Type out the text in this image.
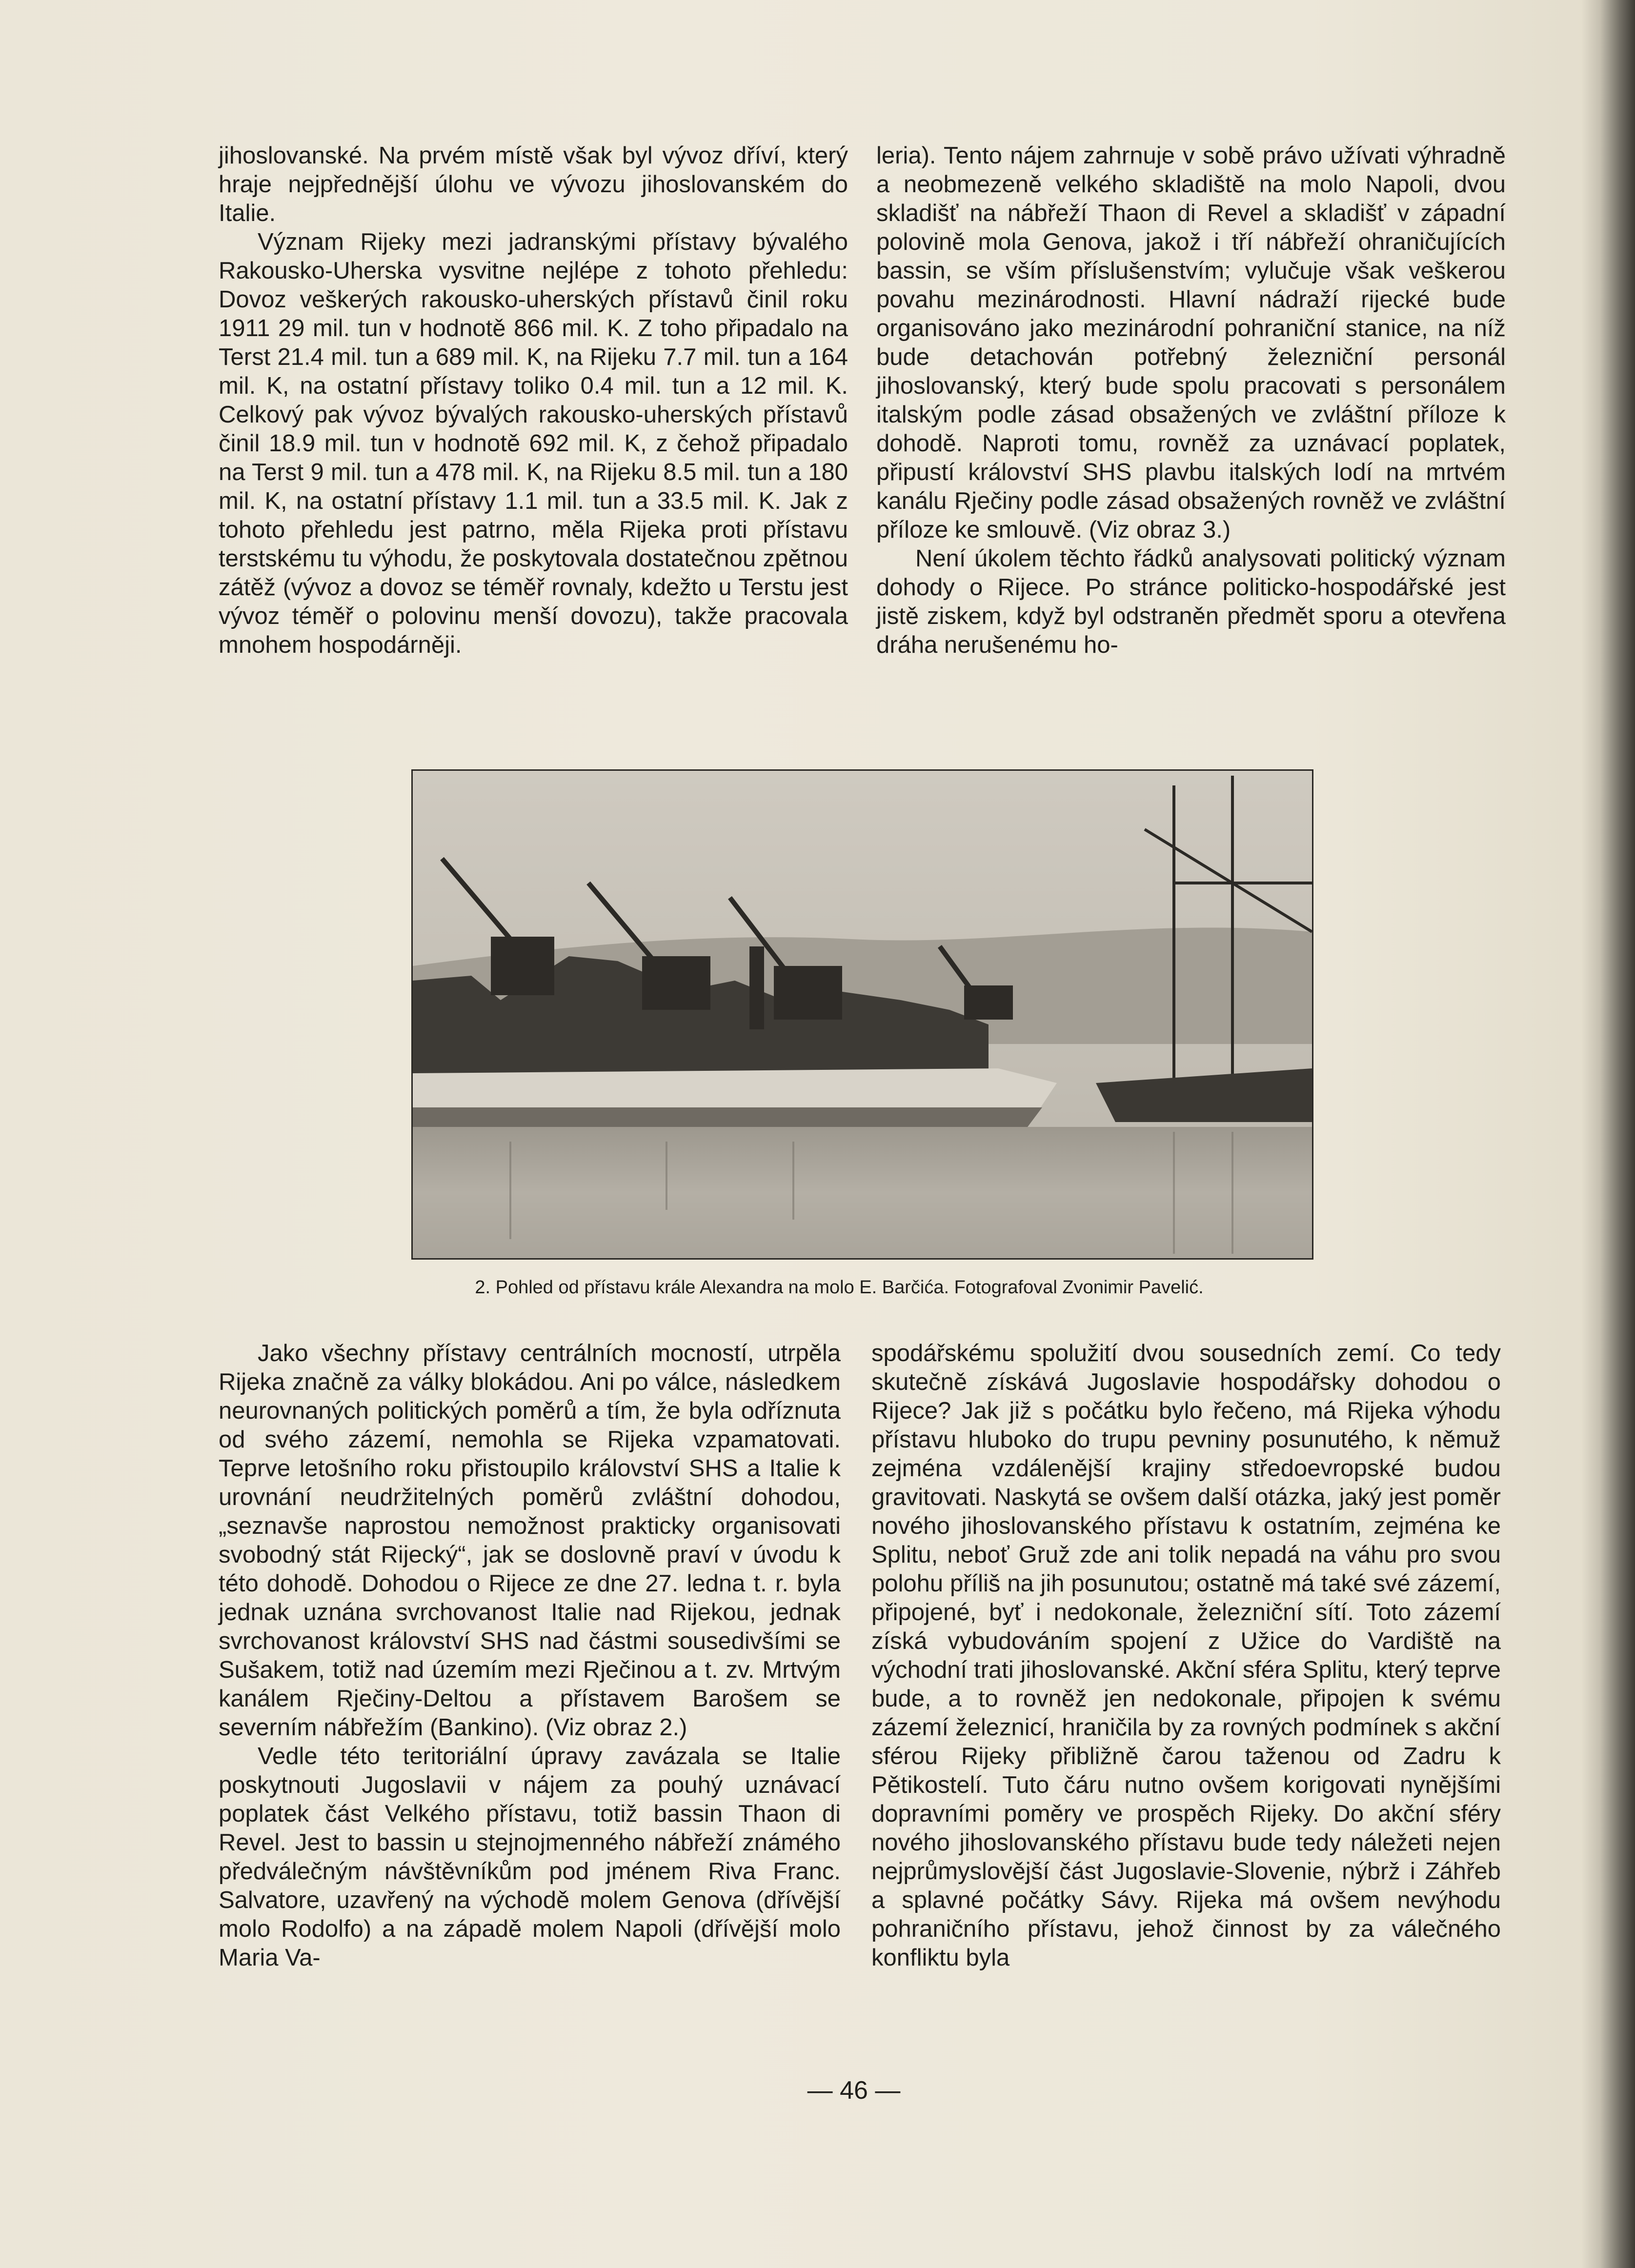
jihoslovanské. Na prvém místě však byl vývoz dříví, který hraje nejpřednější úlohu ve vývozu jihoslovanském do Italie.

Význam Rijeky mezi jadranskými přístavy bývalého Rakousko-Uherska vysvitne nejlépe z tohoto přehledu: Dovoz veškerých rakousko-uherských přístavů činil roku 1911 29 mil. tun v hodnotě 866 mil. K. Z toho připadalo na Terst 21.4 mil. tun a 689 mil. K, na Rijeku 7.7 mil. tun a 164 mil. K, na ostatní přístavy toliko 0.4 mil. tun a 12 mil. K. Celkový pak vývoz bývalých rakousko-uherských přístavů činil 18.9 mil. tun v hodnotě 692 mil. K, z čehož připadalo na Terst 9 mil. tun a 478 mil. K, na Rijeku 8.5 mil. tun a 180 mil. K, na ostatní přístavy 1.1 mil. tun a 33.5 mil. K. Jak z tohoto přehledu jest patrno, měla Rijeka proti přístavu terstskému tu výhodu, že poskytovala dostatečnou zpětnou zátěž (vývoz a dovoz se téměř rovnaly, kdežto u Terstu jest vývoz téměř o polovinu menší dovozu), takže pracovala mnohem hospodárněji.

leria). Tento nájem zahrnuje v sobě právo užívati výhradně a neobmezeně velkého skladiště na molo Napoli, dvou skladišť na nábřeží Thaon di Revel a skladišť v západní polovině mola Genova, jakož i tří nábřeží ohraničujících bassin, se vším příslušenstvím; vylučuje však veškerou povahu mezinárodnosti. Hlavní nádraží rijecké bude organisováno jako mezinárodní pohraniční stanice, na níž bude detachován potřebný železniční personál jihoslovanský, který bude spolu pracovati s personálem italským podle zásad obsažených ve zvláštní příloze k dohodě. Naproti tomu, rovněž za uznávací poplatek, připustí království SHS plavbu italských lodí na mrtvém kanálu Rječiny podle zásad obsažených rovněž ve zvláštní příloze ke smlouvě. (Viz obraz 3.)

Není úkolem těchto řádků analysovati politický význam dohody o Rijece. Po stránce politicko-hospodářské jest jistě ziskem, když byl odstraněn předmět sporu a otevřena dráha nerušenému ho-

2. Pohled od přístavu krále Alexandra na molo E. Barčića. Fotografoval Zvonimir Pavelić.

Jako všechny přístavy centrálních mocností, utrpěla Rijeka značně za války blokádou. Ani po válce, následkem neurovnaných politických poměrů a tím, že byla odříznuta od svého zázemí, nemohla se Rijeka vzpamatovati. Teprve letošního roku přistoupilo království SHS a Italie k urovnání neudržitelných poměrů zvláštní dohodou, „seznavše naprostou nemožnost prakticky organisovati svobodný stát Rijecký“, jak se doslovně praví v úvodu k této dohodě. Dohodou o Rijece ze dne 27. ledna t. r. byla jednak uznána svrchovanost Italie nad Rijekou, jednak svrchovanost království SHS nad částmi sousedivšími se Sušakem, totiž nad územím mezi Rječinou a t. zv. Mrtvým kanálem Rječiny-Deltou a přístavem Barošem se severním nábřežím (Bankino). (Viz obraz 2.)

Vedle této teritoriální úpravy zavázala se Italie poskytnouti Jugoslavii v nájem za pouhý uznávací poplatek část Velkého přístavu, totiž bassin Thaon di Revel. Jest to bassin u stejnojmenného nábřeží známého předválečným návštěvníkům pod jménem Riva Franc. Salvatore, uzavřený na východě molem Genova (dřívější molo Rodolfo) a na západě molem Napoli (dřívější molo Maria Va-

spodářskému spolužití dvou sousedních zemí. Co tedy skutečně získává Jugoslavie hospodářsky dohodou o Rijece? Jak již s počátku bylo řečeno, má Rijeka výhodu přístavu hluboko do trupu pevniny posunutého, k němuž zejména vzdálenější krajiny středoevropské budou gravitovati. Naskytá se ovšem další otázka, jaký jest poměr nového jihoslovanského přístavu k ostatním, zejména ke Splitu, neboť Gruž zde ani tolik nepadá na váhu pro svou polohu příliš na jih posunutou; ostatně má také své zázemí, připojené, byť i nedokonale, železniční sítí. Toto zázemí získá vybudováním spojení z Užice do Vardiště na východní trati jihoslovanské. Akční sféra Splitu, který teprve bude, a to rovněž jen nedokonale, připojen k svému zázemí železnicí, hraničila by za rovných podmínek s akční sférou Rijeky přibližně čarou taženou od Zadru k Pětikostelí. Tuto čáru nutno ovšem korigovati nynějšími dopravními poměry ve prospěch Rijeky. Do akční sféry nového jihoslovanského přístavu bude tedy náležeti nejen nejprůmyslovější část Jugoslavie-Slovenie, nýbrž i Záhřeb a splavné počátky Sávy. Rijeka má ovšem nevýhodu pohraničního přístavu, jehož činnost by za válečného konfliktu byla

— 46 —
